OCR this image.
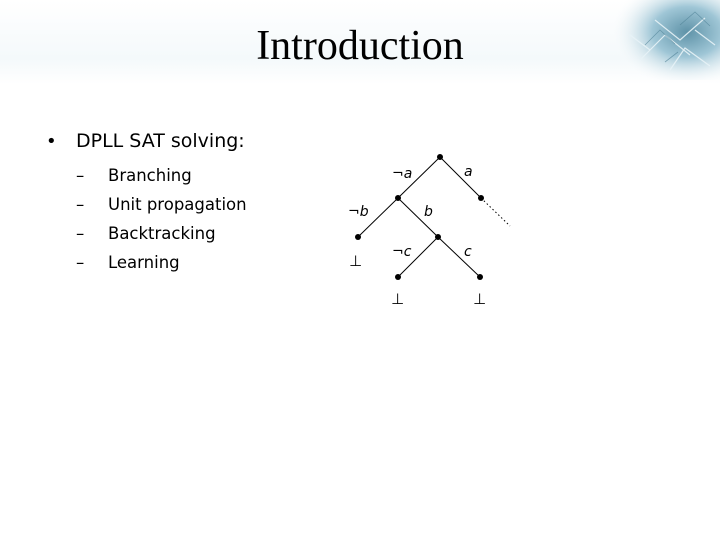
Introduction
• DPLL SAT solving:
–	Branching
–	Unit propagation
–	Backtracking
–	Learning
¬a	a
¬b	b
¬c	c
⊥
⊥	⊥
